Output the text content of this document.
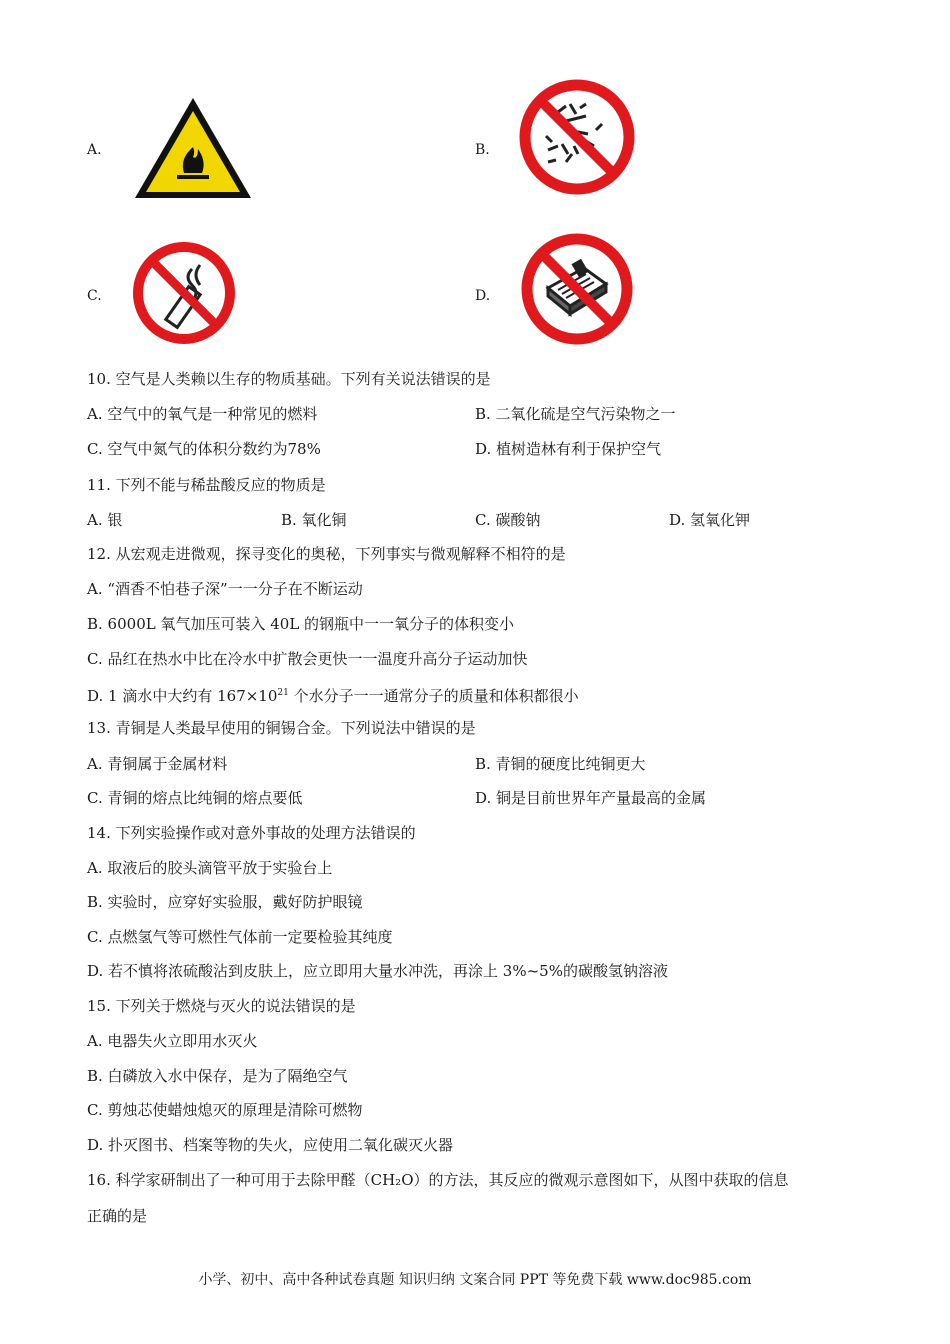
A.	B.
C.	D.
10. 空气是人类赖以生存的物质基础。下列有关说法错误的是
A. 空气中的氧气是一种常见的燃料	B. 二氧化硫是空气污染物之一
C. 空气中氮气的体积分数约为78%	D. 植树造林有利于保护空气
11. 下列不能与稀盐酸反应的物质是
A. 银	B. 氧化铜	C. 碳酸钠	D. 氢氧化钾
12. 从宏观走进微观，探寻变化的奥秘，下列事实与微观解释不相符的是
A. “酒香不怕巷子深”一一分子在不断运动
B. 6000L 氧气加压可装入 40L 的钢瓶中一一氧分子的体积变小
C. 品红在热水中比在冷水中扩散会更快一一温度升高分子运动加快
D. 1 滴水中大约有 $167\times 10^{21}$ 个水分子一一通常分子的质量和体积都很小
13. 青铜是人类最早使用的铜锡合金。下列说法中错误的是
A. 青铜属于金属材料	B. 青铜的硬度比纯铜更大
C. 青铜的熔点比纯铜的熔点要低	D. 铜是目前世界年产量最高的金属
14. 下列实验操作或对意外事故的处理方法错误的
A. 取液后的胶头滴管平放于实验台上
B. 实验时，应穿好实验服，戴好防护眼镜
C. 点燃氢气等可燃性气体前一定要检验其纯度
D. 若不慎将浓硫酸沾到皮肤上，应立即用大量水冲洗，再涂上 3%~5%的碳酸氢钠溶液
15. 下列关于燃烧与灭火的说法错误的是
A. 电器失火立即用水灭火
B. 白磷放入水中保存，是为了隔绝空气
C. 剪烛芯使蜡烛熄灭的原理是清除可燃物
D. 扑灭图书、档案等物的失火，应使用二氧化碳灭火器
16. 科学家研制出了一种可用于去除甲醛（CH₂O）的方法，其反应的微观示意图如下，从图中获取的信息
正确的是
小学、初中、高中各种试卷真题 知识归纳 文案合同 PPT 等免费下载 www.doc985.com
